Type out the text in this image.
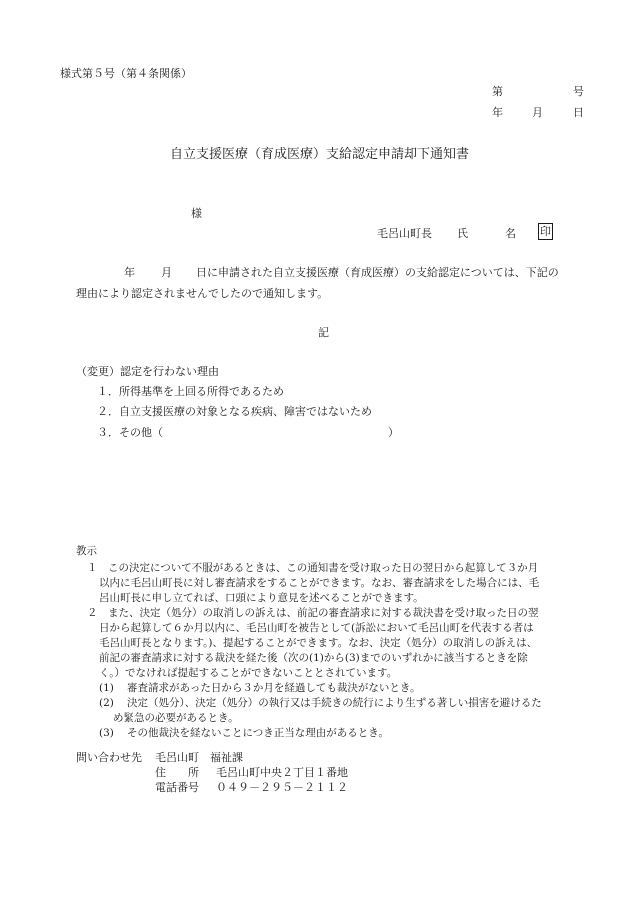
様式第５号（第４条関係）
第	号
年	月	日
自立支援医療（育成医療）支給認定申請却下通知書
様
毛呂山町長 氏	名	印
年 月 日に申請された自立支援医療（育成医療）の支給認定については、下記の
理由により認定されませんでしたので通知します。
記
（変更）認定を行わない理由
１．所得基準を上回る所得であるため
２．自立支援医療の対象となる疾病、障害ではないため
３．その他（	）
教示
１　この決定について不服があるときは、この通知書を受け取った日の翌日から起算して３か月
以内に毛呂山町長に対し審査請求をすることができます。なお、審査請求をした場合には、毛
呂山町長に申し立てれば、口頭により意見を述べることができます。
２　また、決定（処分）の取消しの訴えは、前記の審査請求に対する裁決書を受け取った日の翌
日から起算して６か月以内に、毛呂山町を被告として(訴訟において毛呂山町を代表する者は
毛呂山町長となります。)、提起することができます。なお、決定（処分）の取消しの訴えは、
前記の審査請求に対する裁決を経た後（次の(1)から(3)までのいずれかに該当するときを除
く。）でなければ提起することができないこととされています。
(1)	審査請求があった日から３か月を経過しても裁決がないとき。
(2)	決定（処分）、決定（処分）の執行又は手続きの続行により生ずる著しい損害を避けるた
め緊急の必要があるとき。
(3)	その他裁決を経ないことにつき正当な理由があるとき。
問い合わせ先 毛呂山町　福祉課
住　　所 毛呂山町中央２丁目１番地
電話番号 ０４９－２９５－２１１２
